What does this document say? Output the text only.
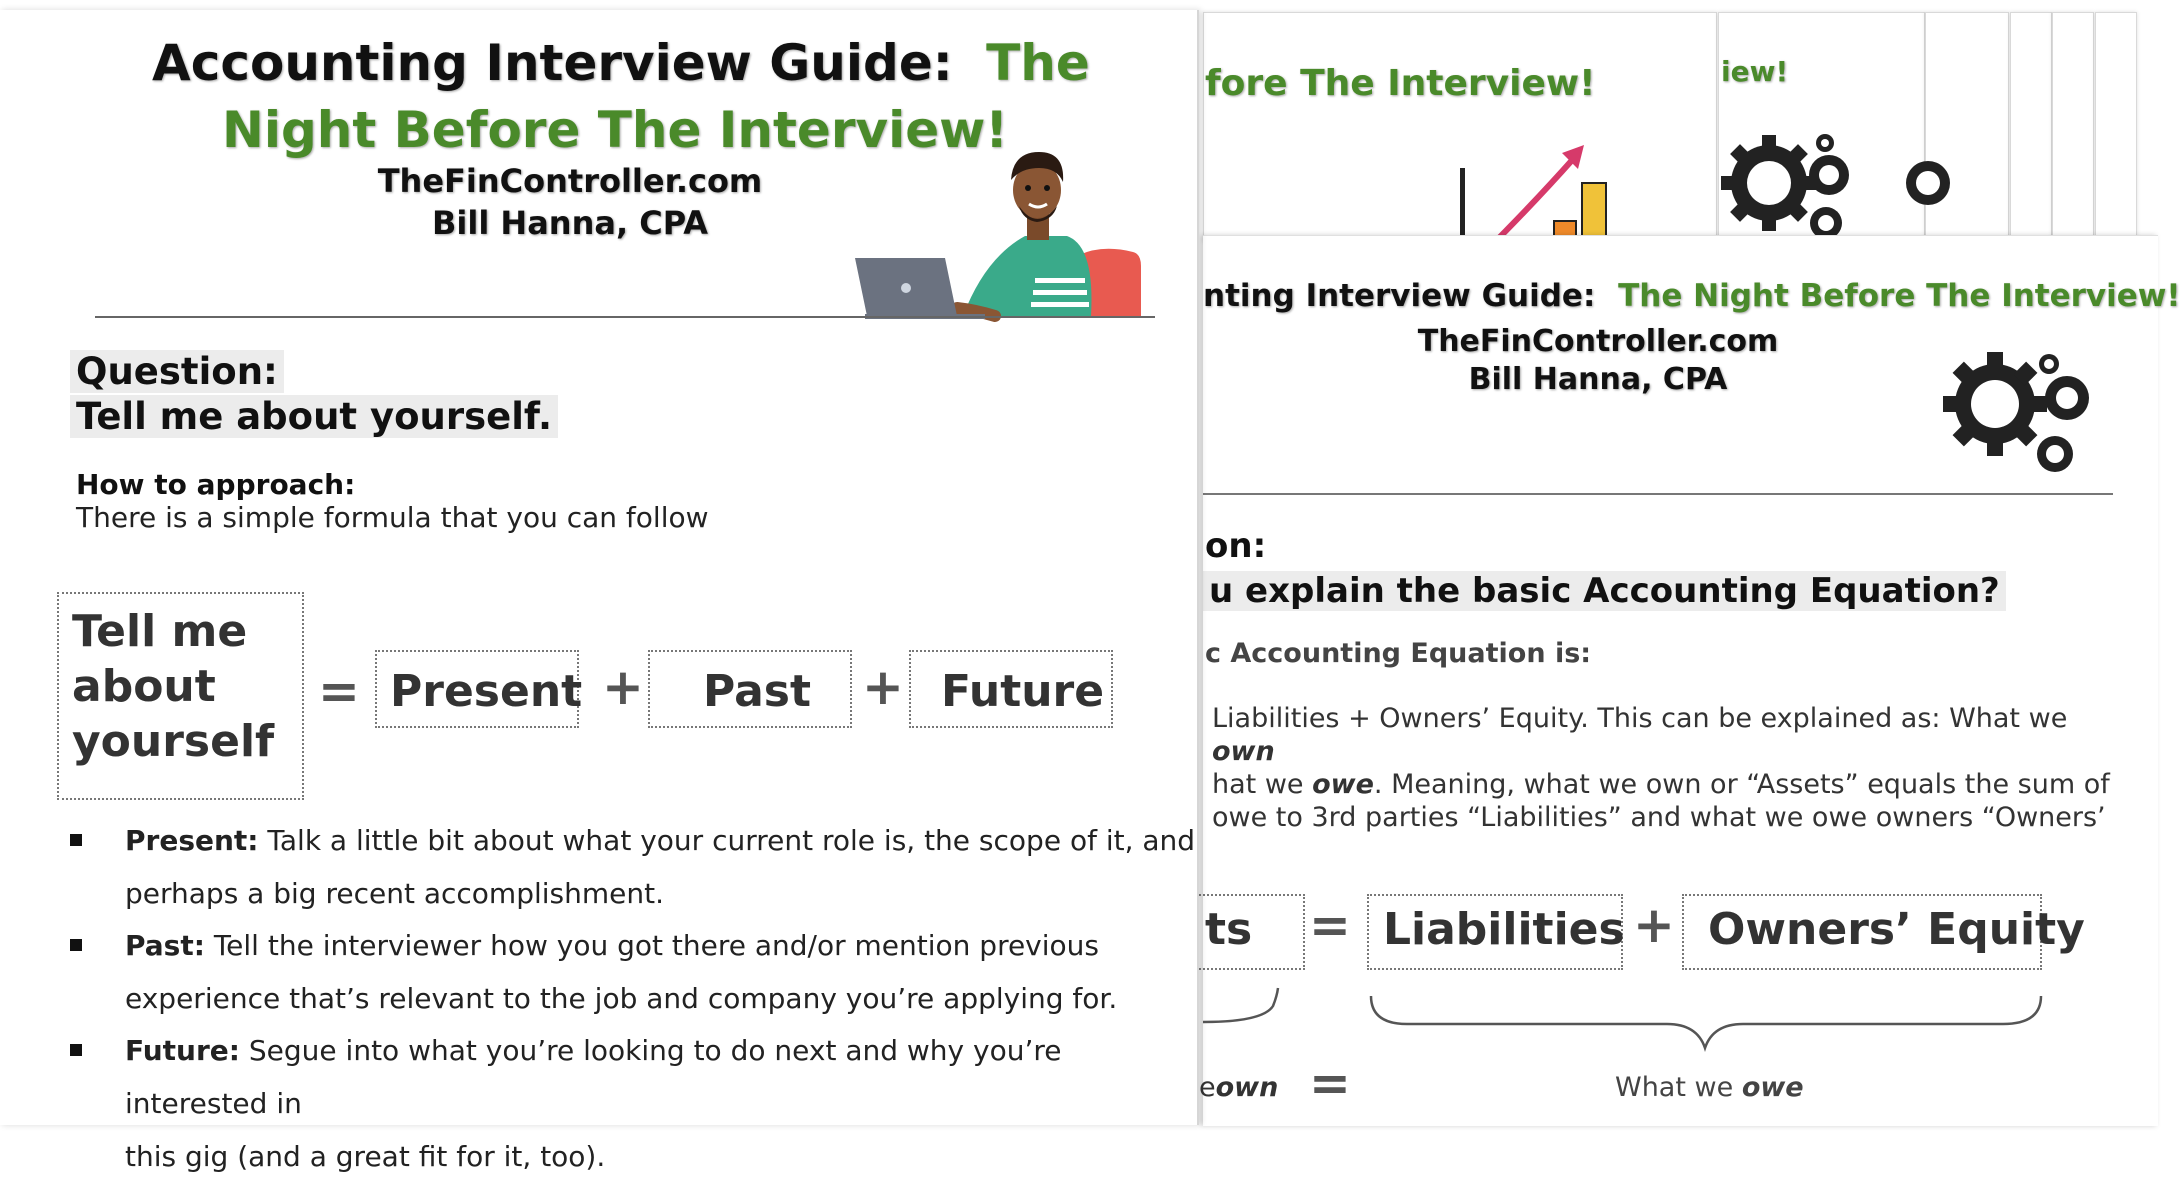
fore The Interview!	iew!
nting Interview Guide: The Night Before The Interview!
TheFinController.com
Bill Hanna, CPA
on:
u explain the basic Accounting Equation?
c Accounting Equation is:
Liabilities + Owners’ Equity. This can be explained as: What we own
hat we owe. Meaning, what we own or “Assets” equals the sum of
owe to 3rd parties “Liabilities” and what we owe owners “Owners’
ts = Liabilities + Owners’ Equity
eown =	What we owe
Accounting Interview Guide: The
Night Before The Interview!
TheFinController.com
Bill Hanna, CPA
Question:
Tell me about yourself.
How to approach:
There is a simple formula that you can follow
Tell me
about
yourself
= Present + Past + Future
Present: Talk a little bit about what your current role is, the scope of it, and
perhaps a big recent accomplishment.
Past: Tell the interviewer how you got there and/or mention previous
experience that’s relevant to the job and company you’re applying for.
Future: Segue into what you’re looking to do next and why you’re interested in
this gig (and a great fit for it, too).
